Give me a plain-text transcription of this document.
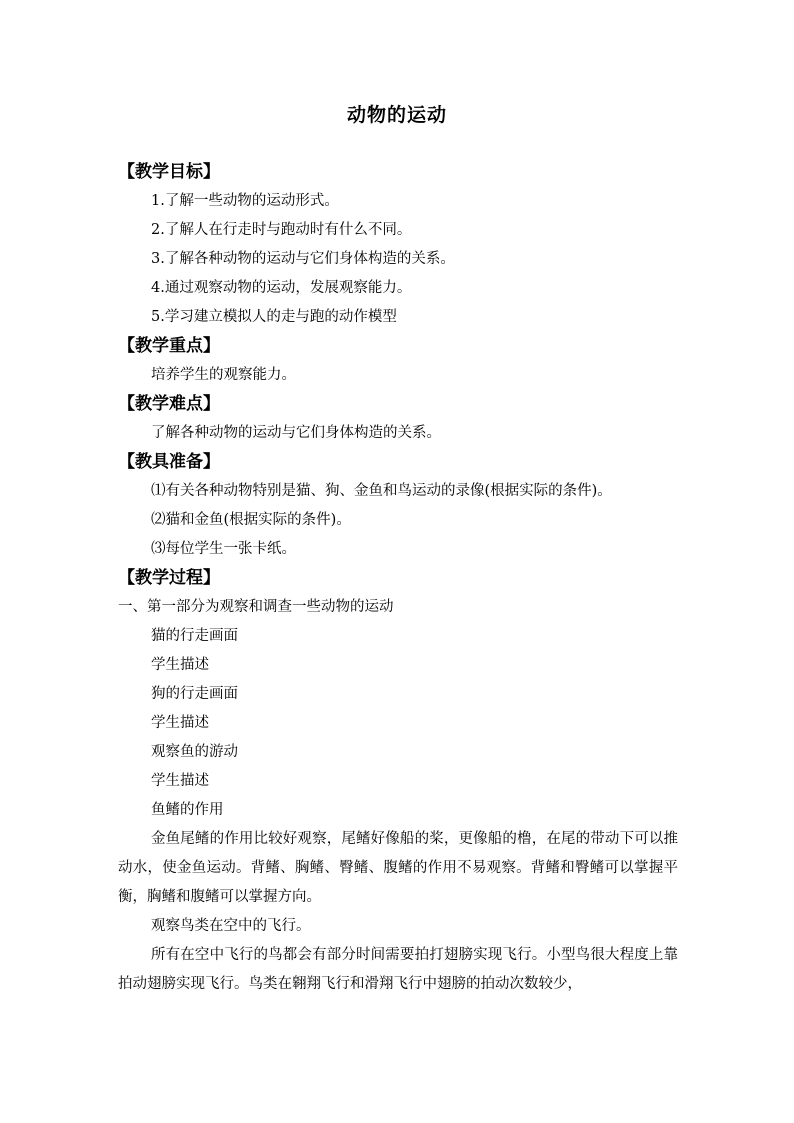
动物的运动
【教学目标】
1.了解一些动物的运动形式。
2.了解人在行走时与跑动时有什么不同。
3.了解各种动物的运动与它们身体构造的关系。
4.通过观察动物的运动，发展观察能力。
5.学习建立模拟人的走与跑的动作模型
【教学重点】
培养学生的观察能力。
【教学难点】
了解各种动物的运动与它们身体构造的关系。
【教具准备】
⑴有关各种动物特别是猫、狗、金鱼和鸟运动的录像(根据实际的条件)。
⑵猫和金鱼(根据实际的条件)。
⑶每位学生一张卡纸。
【教学过程】
一、第一部分为观察和调查一些动物的运动
猫的行走画面
学生描述
狗的行走画面
学生描述
观察鱼的游动
学生描述
鱼鳍的作用
金鱼尾鳍的作用比较好观察，尾鳍好像船的桨，更像船的橹，在尾的带动下可以推动水，使金鱼运动。背鳍、胸鳍、臀鳍、腹鳍的作用不易观察。背鳍和臀鳍可以掌握平衡，胸鳍和腹鳍可以掌握方向。
观察鸟类在空中的飞行。
所有在空中飞行的鸟都会有部分时间需要拍打翅膀实现飞行。小型鸟很大程度上靠拍动翅膀实现飞行。鸟类在翱翔飞行和滑翔飞行中翅膀的拍动次数较少，
